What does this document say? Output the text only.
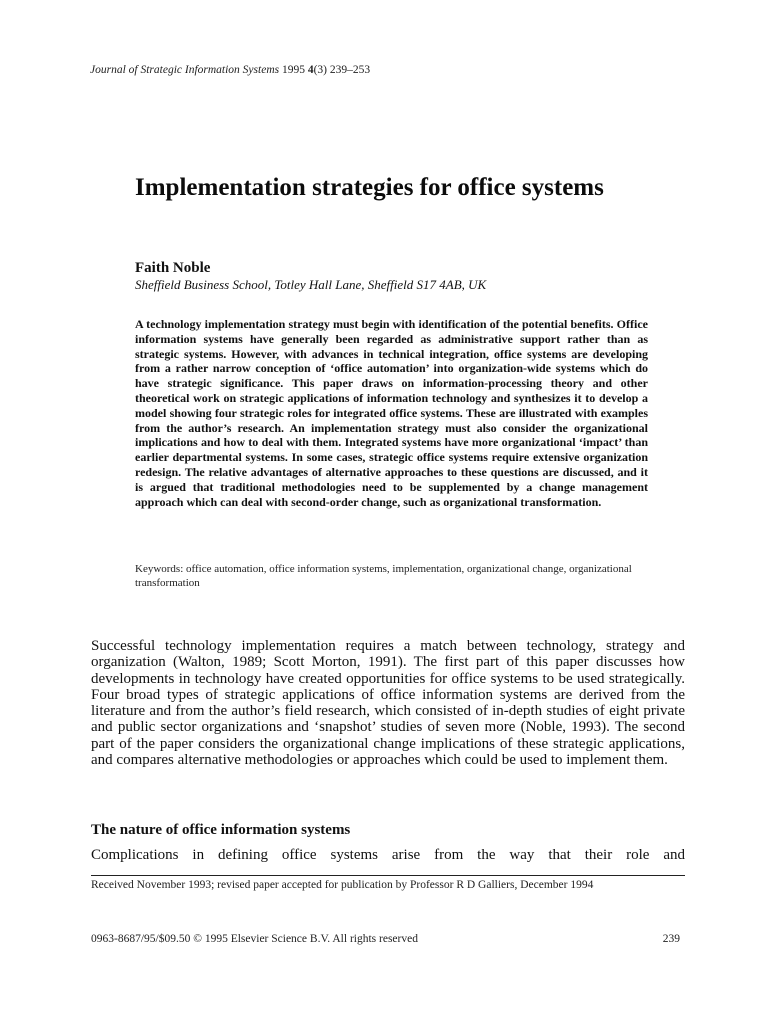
Journal of Strategic Information Systems 1995 4(3) 239–253
Implementation strategies for office systems
Faith Noble
Sheffield Business School, Totley Hall Lane, Sheffield S17 4AB, UK
A technology implementation strategy must begin with identification of the potential benefits. Office information systems have generally been regarded as administrative support rather than as strategic systems. However, with advances in technical integration, office systems are developing from a rather narrow conception of ‘office automation’ into organization-wide systems which do have strategic significance. This paper draws on information-processing theory and other theoretical work on strategic applications of information technology and synthesizes it to develop a model showing four strategic roles for integrated office systems. These are illustrated with examples from the author’s research. An implementation strategy must also consider the organizational implications and how to deal with them. Integrated systems have more organizational ‘impact’ than earlier departmental systems. In some cases, strategic office systems require extensive organization redesign. The relative advantages of alternative approaches to these questions are discussed, and it is argued that traditional methodologies need to be supplemented by a change management approach which can deal with second-order change, such as organizational transformation.
Keywords: office automation, office information systems, implementation, organizational change, organizational transformation
Successful technology implementation requires a match between technology, strategy and organization (Walton, 1989; Scott Morton, 1991). The first part of this paper discusses how developments in technology have created opportunities for office systems to be used strategically. Four broad types of strategic applications of office information systems are derived from the literature and from the author’s field research, which consisted of in-depth studies of eight private and public sector organizations and ‘snapshot’ studies of seven more (Noble, 1993). The second part of the paper considers the organizational change implications of these strategic applications, and compares alternative methodologies or approaches which could be used to implement them.
The nature of office information systems
Complications in defining office systems arise from the way that their role and
Received November 1993; revised paper accepted for publication by Professor R D Galliers, December 1994
0963-8687/95/$09.50 © 1995 Elsevier Science B.V. All rights reserved	239
